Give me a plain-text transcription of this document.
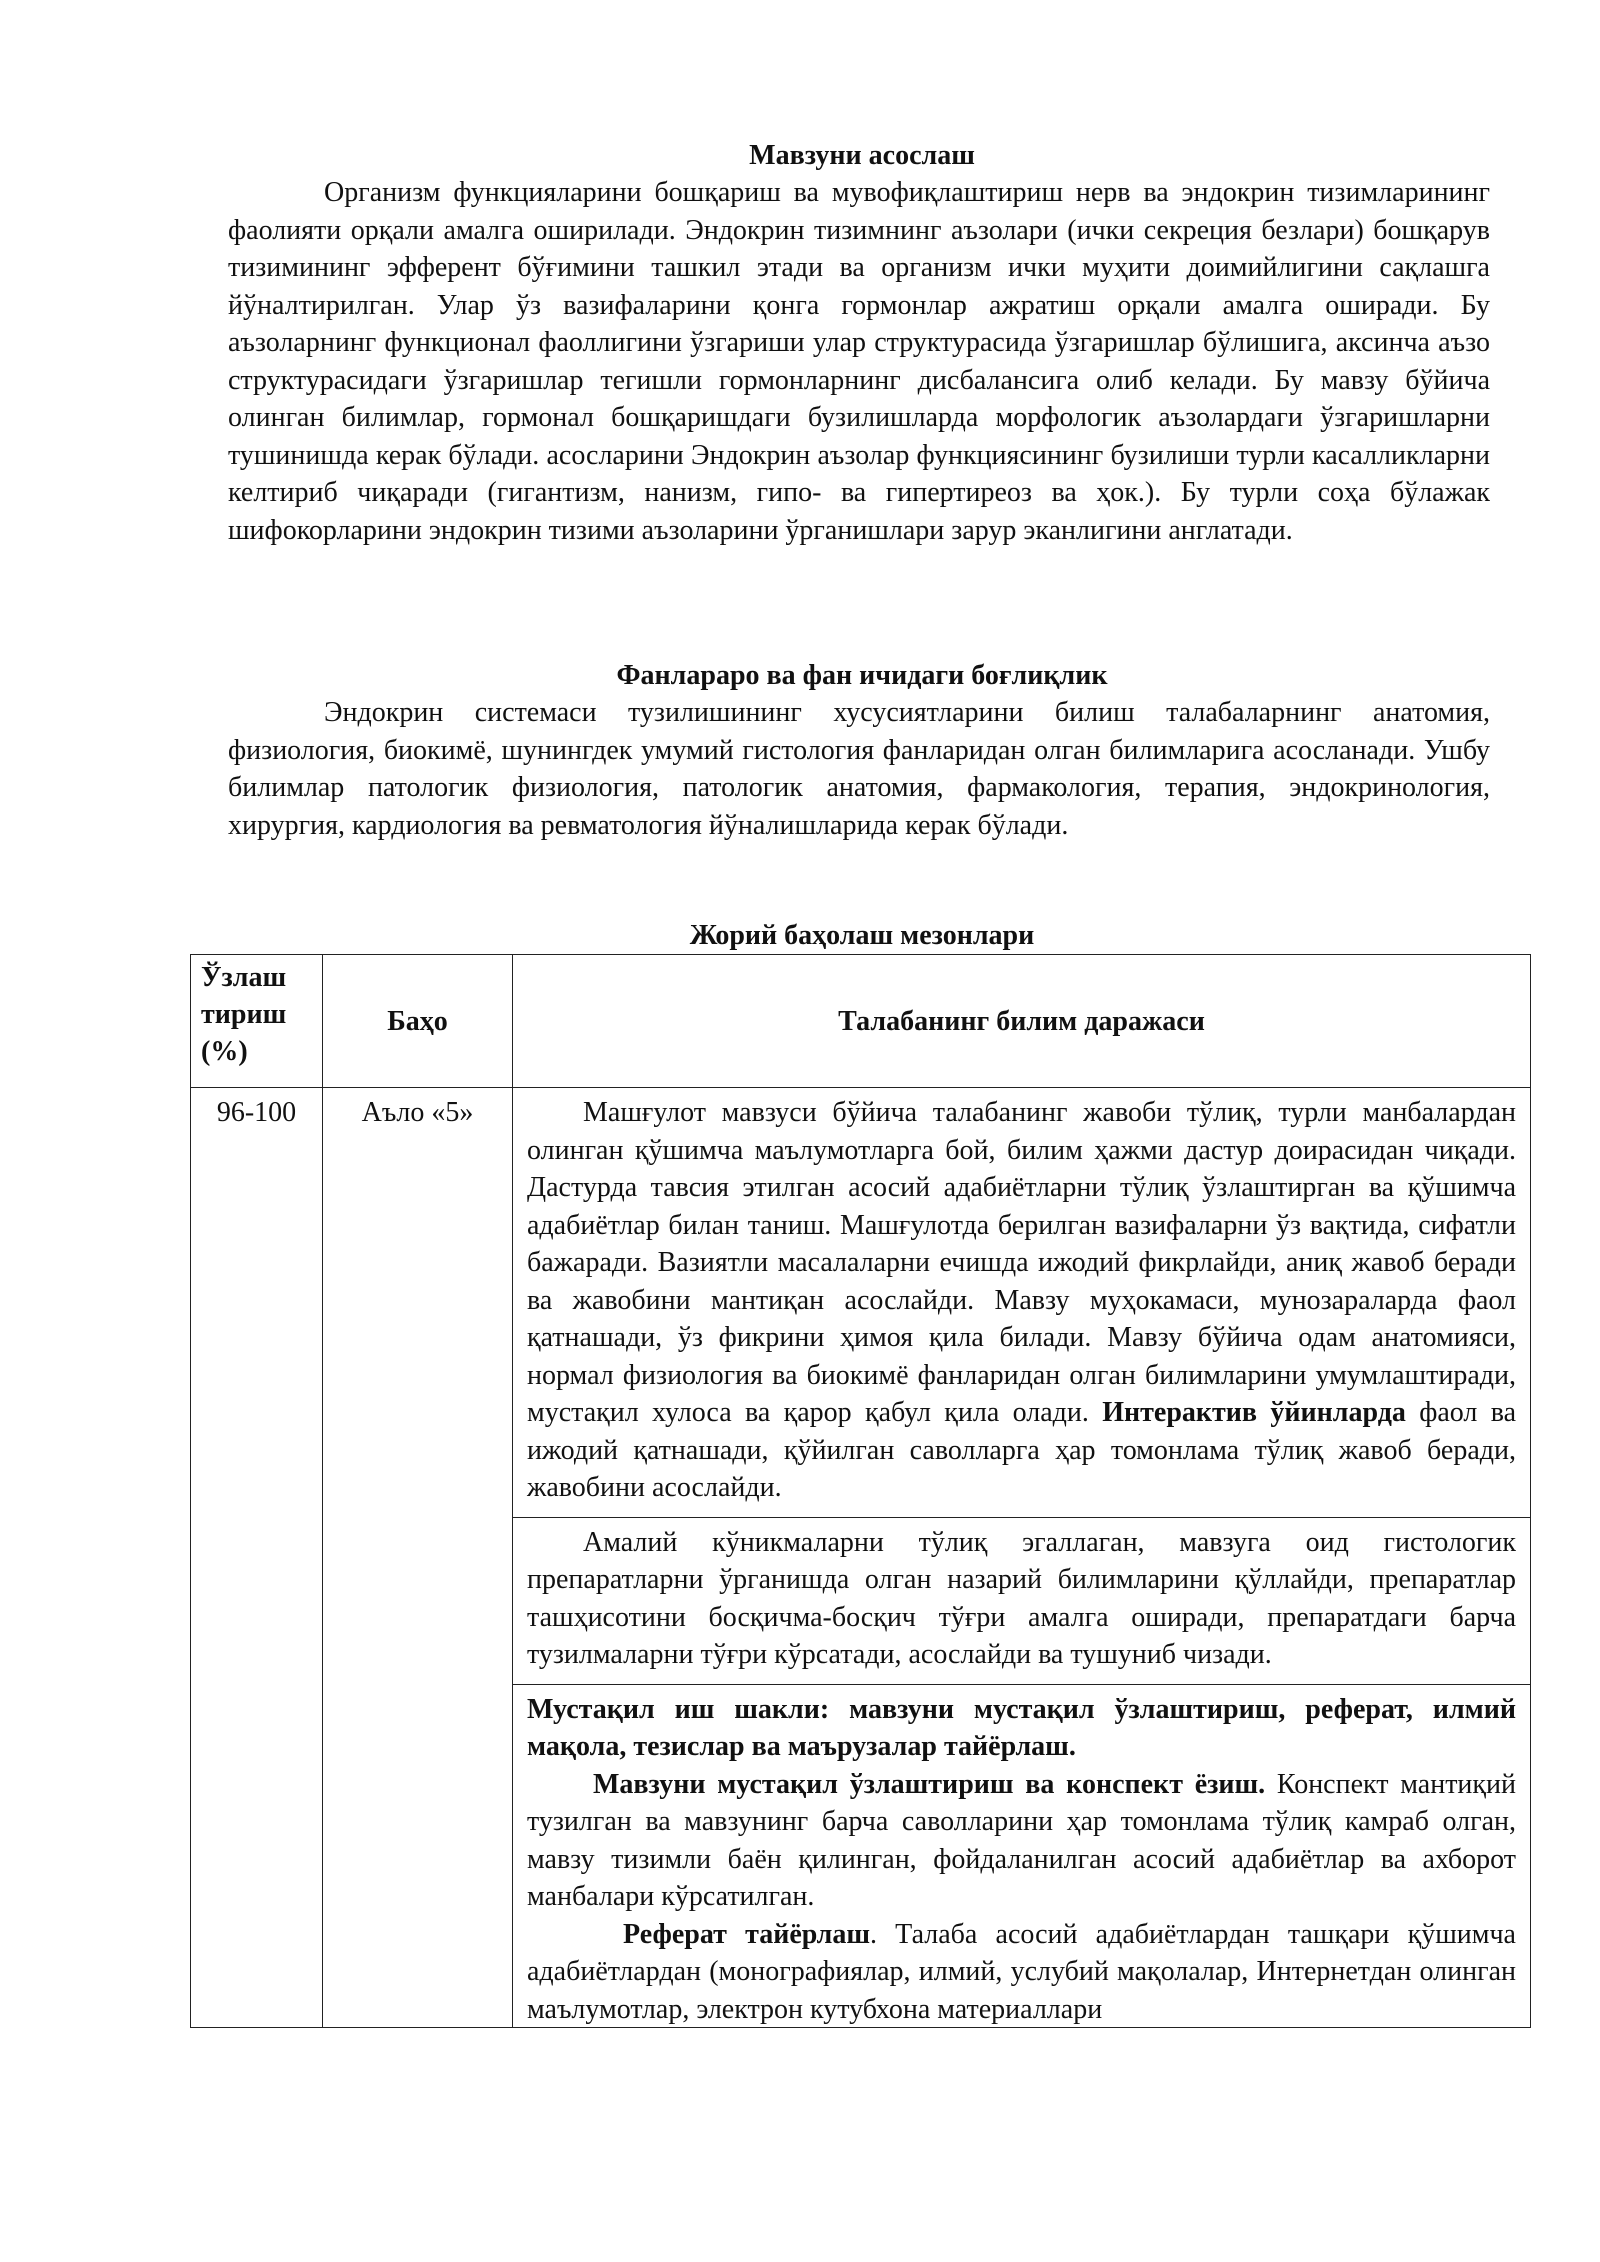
Мавзуни асослаш

Организм функцияларини бошқариш ва мувофиқлаштириш нерв ва эндокрин тизимларининг фаолияти орқали амалга оширилади. Эндокрин тизимнинг аъзолари (ички секреция безлари) бошқарув тизимининг эфферент бўғимини ташкил этади ва организм ички муҳити доимийлигини сақлашга йўналтирилган. Улар ўз вазифаларини қонга гормонлар ажратиш орқали амалга оширади. Бу аъзоларнинг функционал фаоллигини ўзгариши улар структурасида ўзгаришлар бўлишига, аксинча аъзо структурасидаги ўзгаришлар тегишли гормонларнинг дисбалансига олиб келади. Бу мавзу бўйича олинган билимлар, гормонал бошқаришдаги бузилишларда морфологик аъзолардаги ўзгаришларни тушинишда керак бўлади. асосларини Эндокрин аъзолар функциясининг бузилиши турли касалликларни келтириб чиқаради (гигантизм, нанизм, гипо- ва гипертиреоз ва ҳок.). Бу турли соҳа бўлажак шифокорларини эндокрин тизими аъзоларини ўрганишлари зарур эканлигини англатади.

Фанлараро ва фан ичидаги боғлиқлик

Эндокрин системаси тузилишининг хусусиятларини билиш талабаларнинг анатомия, физиология, биокимё, шунингдек умумий гистология фанларидан олган билимларига асосланади. Ушбу билимлар патологик физиология, патологик анатомия, фармакология, терапия, эндокринология, хирургия, кардиология ва ревматология йўналишларида керак бўлади.

Жорий баҳолаш мезонлари
Ўзлаш тириш (%)	Баҳо	Талабанинг билим даражаси
96-100	Аъло «5»	Машғулот мавзуси бўйича талабанинг жавоби тўлиқ, турли манбалардан олинган қўшимча маълумотларга бой, билим ҳажми дастур доирасидан чиқади. Дастурда тавсия этилган асосий адабиётларни тўлиқ ўзлаштирган ва қўшимча адабиётлар билан таниш. Машғулотда берилган вазифаларни ўз вақтида, сифатли бажаради. Вазиятли масалаларни ечишда ижодий фикрлайди, аниқ жавоб беради ва жавобини мантиқан асослайди. Мавзу муҳокамаси, мунозараларда фаол қатнашади, ўз фикрини ҳимоя қила билади. Мавзу бўйича одам анатомияси, нормал физиология ва биокимё фанларидан олган билимларини умумлаштиради, мустақил хулоса ва қарор қабул қила олади. Интерактив ўйинларда фаол ва ижодий қатнашади, қўйилган саволларга ҳар томонлама тўлиқ жавоб беради, жавобини асослайди.

		Амалий кўникмаларни тўлиқ эгаллаган, мавзуга оид гистологик препаратларни ўрганишда олган назарий билимларини қўллайди, препаратлар ташҳисотини босқичма-босқич тўғри амалга оширади, препаратдаги барча тузилмаларни тўғри кўрсатади, асослайди ва тушуниб чизади.

		Мустақил иш шакли: мавзуни мустақил ўзлаштириш, реферат, илмий мақола, тезислар ва маърузалар тайёрлаш.

Мавзуни мустақил ўзлаштириш ва конспект ёзиш. Конспект мантиқий тузилган ва мавзунинг барча саволларини ҳар томонлама тўлиқ камраб олган, мавзу тизимли баён қилинган, фойдаланилган асосий адабиётлар ва ахборот манбалари кўрсатилган.

Реферат тайёрлаш. Талаба асосий адабиётлардан ташқари қўшимча адабиётлардан (монографиялар, илмий, услубий мақолалар, Интернетдан олинган маълумотлар, электрон кутубхона материаллари
